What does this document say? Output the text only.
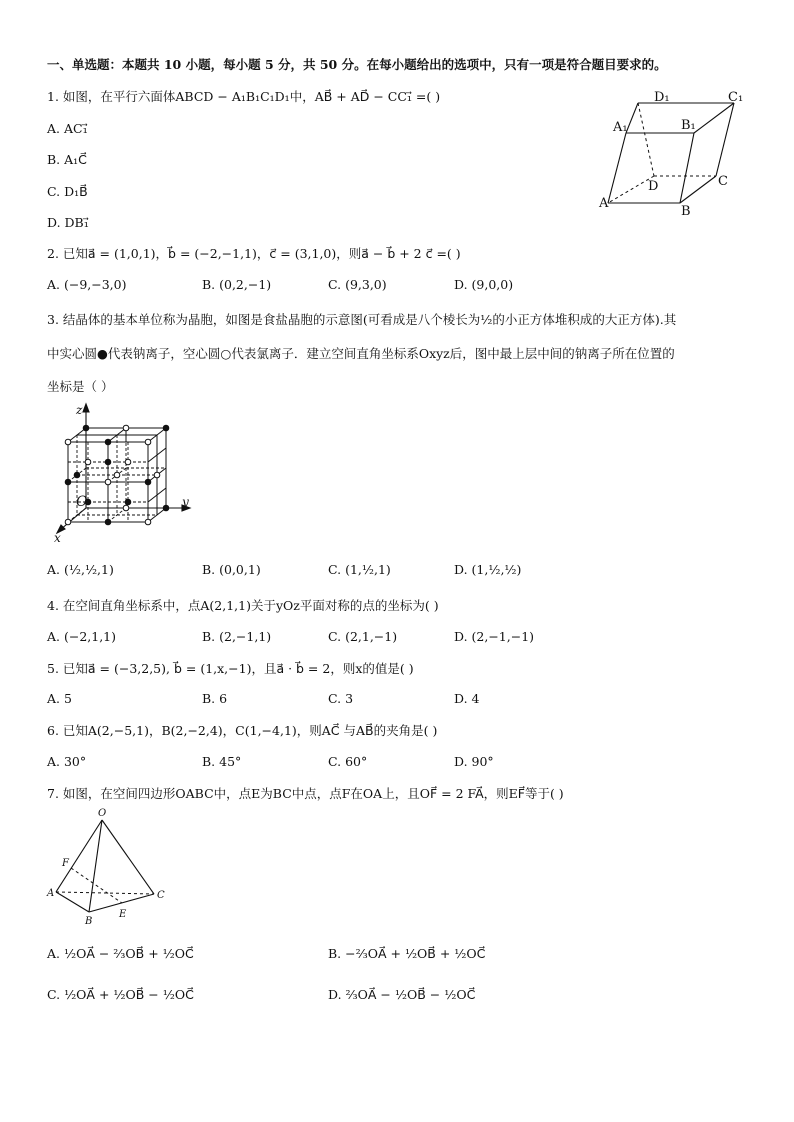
一、单选题：本题共 10 小题，每小题 5 分，共 50 分。在每小题给出的选项中，只有一项是符合题目要求的。
1. 如图，在平行六面体ABCD − A₁B₁C₁D₁中，AB⃗ + AD⃗ − CC₁⃗ =( )
A. AC₁⃗
B. A₁C⃗
C. D₁B⃗
D. DB₁⃗
D₁	C₁
A₁	B₁
D	C
A
B
2. 已知a⃗ = (1,0,1)，b⃗ = (−2,−1,1)，c⃗ = (3,1,0)，则a⃗ − b⃗ + 2 c⃗ =( )
A. (−9,−3,0)	B. (0,2,−1)	C. (9,3,0)	D. (9,0,0)
3. 结晶体的基本单位称为晶胞，如图是食盐晶胞的示意图(可看成是八个棱长为½的小正方体堆积成的大正方体).其
中实心圆●代表钠离子，空心圆○代表氯离子．建立空间直角坐标系Oxyz后，图中最上层中间的钠离子所在位置的
坐标是（ ）
z
y
x
O
A. (½,½,1)	B. (0,0,1)	C. (1,½,1)	D. (1,½,½)
4. 在空间直角坐标系中，点A(2,1,1)关于yOz平面对称的点的坐标为( )
A. (−2,1,1)	B. (2,−1,1)	C. (2,1,−1)	D. (2,−1,−1)
5. 已知a⃗ = (−3,2,5), b⃗ = (1,x,−1)，且a⃗ · b⃗ = 2，则x的值是( )
A. 5	B. 6	C. 3	D. 4
6. 已知A(2,−5,1)，B(2,−2,4)，C(1,−4,1)，则AC⃗ 与AB⃗的夹角是( )
A. 30°	B. 45°	C. 60°	D. 90°
7. 如图，在空间四边形OABC中，点E为BC中点，点F在OA上，且OF⃗ = 2 FA⃗，则EF⃗等于( )
O
F
A	C
E
B
A. ½OA⃗ − ⅔OB⃗ + ½OC⃗	B. −⅔OA⃗ + ½OB⃗ + ½OC⃗
C. ½OA⃗ + ½OB⃗ − ½OC⃗	D. ⅔OA⃗ − ½OB⃗ − ½OC⃗
